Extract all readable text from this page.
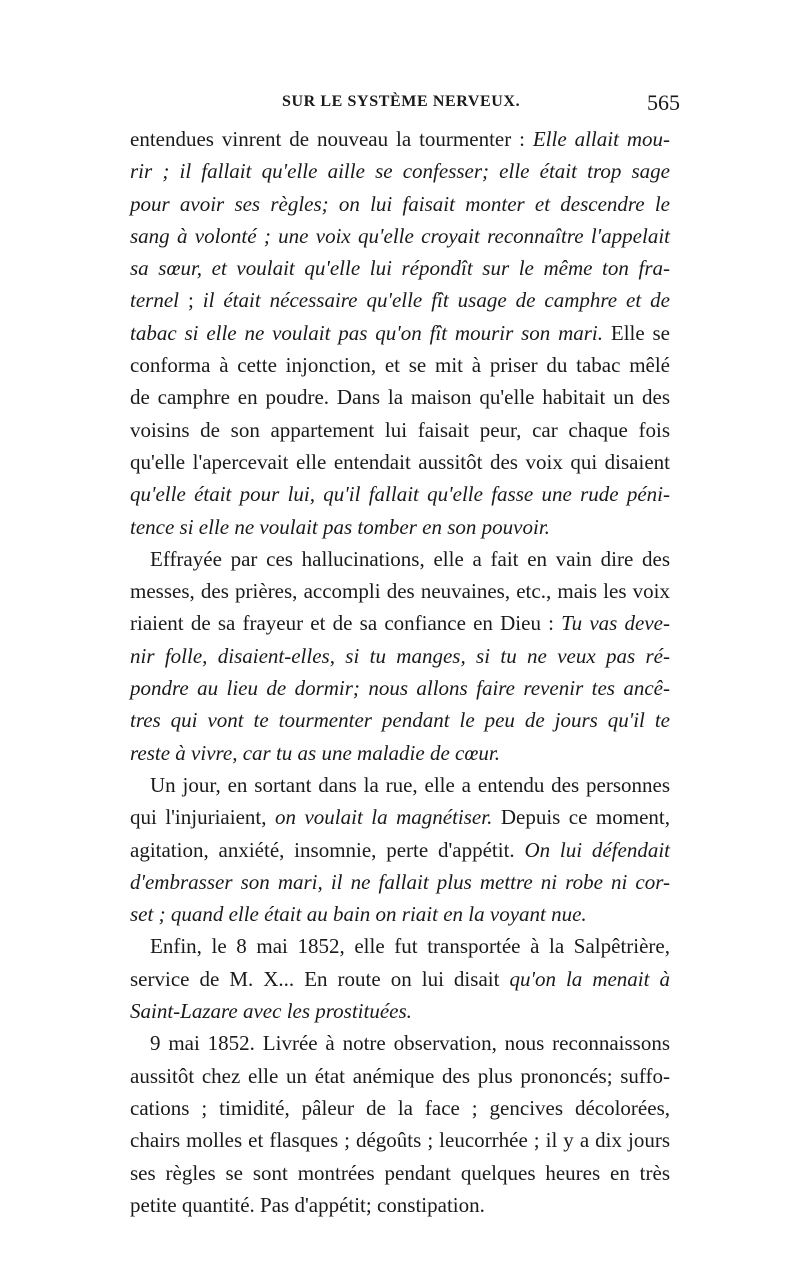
SUR LE SYSTÈME NERVEUX.	565
entendues vinrent de nouveau la tourmenter : Elle allait mou-
rir ; il fallait qu'elle aille se confesser; elle était trop sage
pour avoir ses règles; on lui faisait monter et descendre le
sang à volonté ; une voix qu'elle croyait reconnaître l'appelait
sa sœur, et voulait qu'elle lui répondît sur le même ton fra-
ternel ; il était nécessaire qu'elle fît usage de camphre et de
tabac si elle ne voulait pas qu'on fît mourir son mari. Elle se
conforma à cette injonction, et se mit à priser du tabac mêlé
de camphre en poudre. Dans la maison qu'elle habitait un des
voisins de son appartement lui faisait peur, car chaque fois
qu'elle l'apercevait elle entendait aussitôt des voix qui disaient
qu'elle était pour lui, qu'il fallait qu'elle fasse une rude péni-
tence si elle ne voulait pas tomber en son pouvoir.
Effrayée par ces hallucinations, elle a fait en vain dire des
messes, des prières, accompli des neuvaines, etc., mais les voix
riaient de sa frayeur et de sa confiance en Dieu : Tu vas deve-
nir folle, disaient-elles, si tu manges, si tu ne veux pas ré-
pondre au lieu de dormir; nous allons faire revenir tes ancê-
tres qui vont te tourmenter pendant le peu de jours qu'il te
reste à vivre, car tu as une maladie de cœur.
Un jour, en sortant dans la rue, elle a entendu des personnes
qui l'injuriaient, on voulait la magnétiser. Depuis ce moment,
agitation, anxiété, insomnie, perte d'appétit. On lui défendait
d'embrasser son mari, il ne fallait plus mettre ni robe ni cor-
set ; quand elle était au bain on riait en la voyant nue.
Enfin, le 8 mai 1852, elle fut transportée à la Salpêtrière,
service de M. X... En route on lui disait qu'on la menait à
Saint-Lazare avec les prostituées.
9 mai 1852. Livrée à notre observation, nous reconnaissons
aussitôt chez elle un état anémique des plus prononcés; suffo-
cations ; timidité, pâleur de la face ; gencives décolorées,
chairs molles et flasques ; dégoûts ; leucorrhée ; il y a dix jours
ses règles se sont montrées pendant quelques heures en très
petite quantité. Pas d'appétit; constipation.
